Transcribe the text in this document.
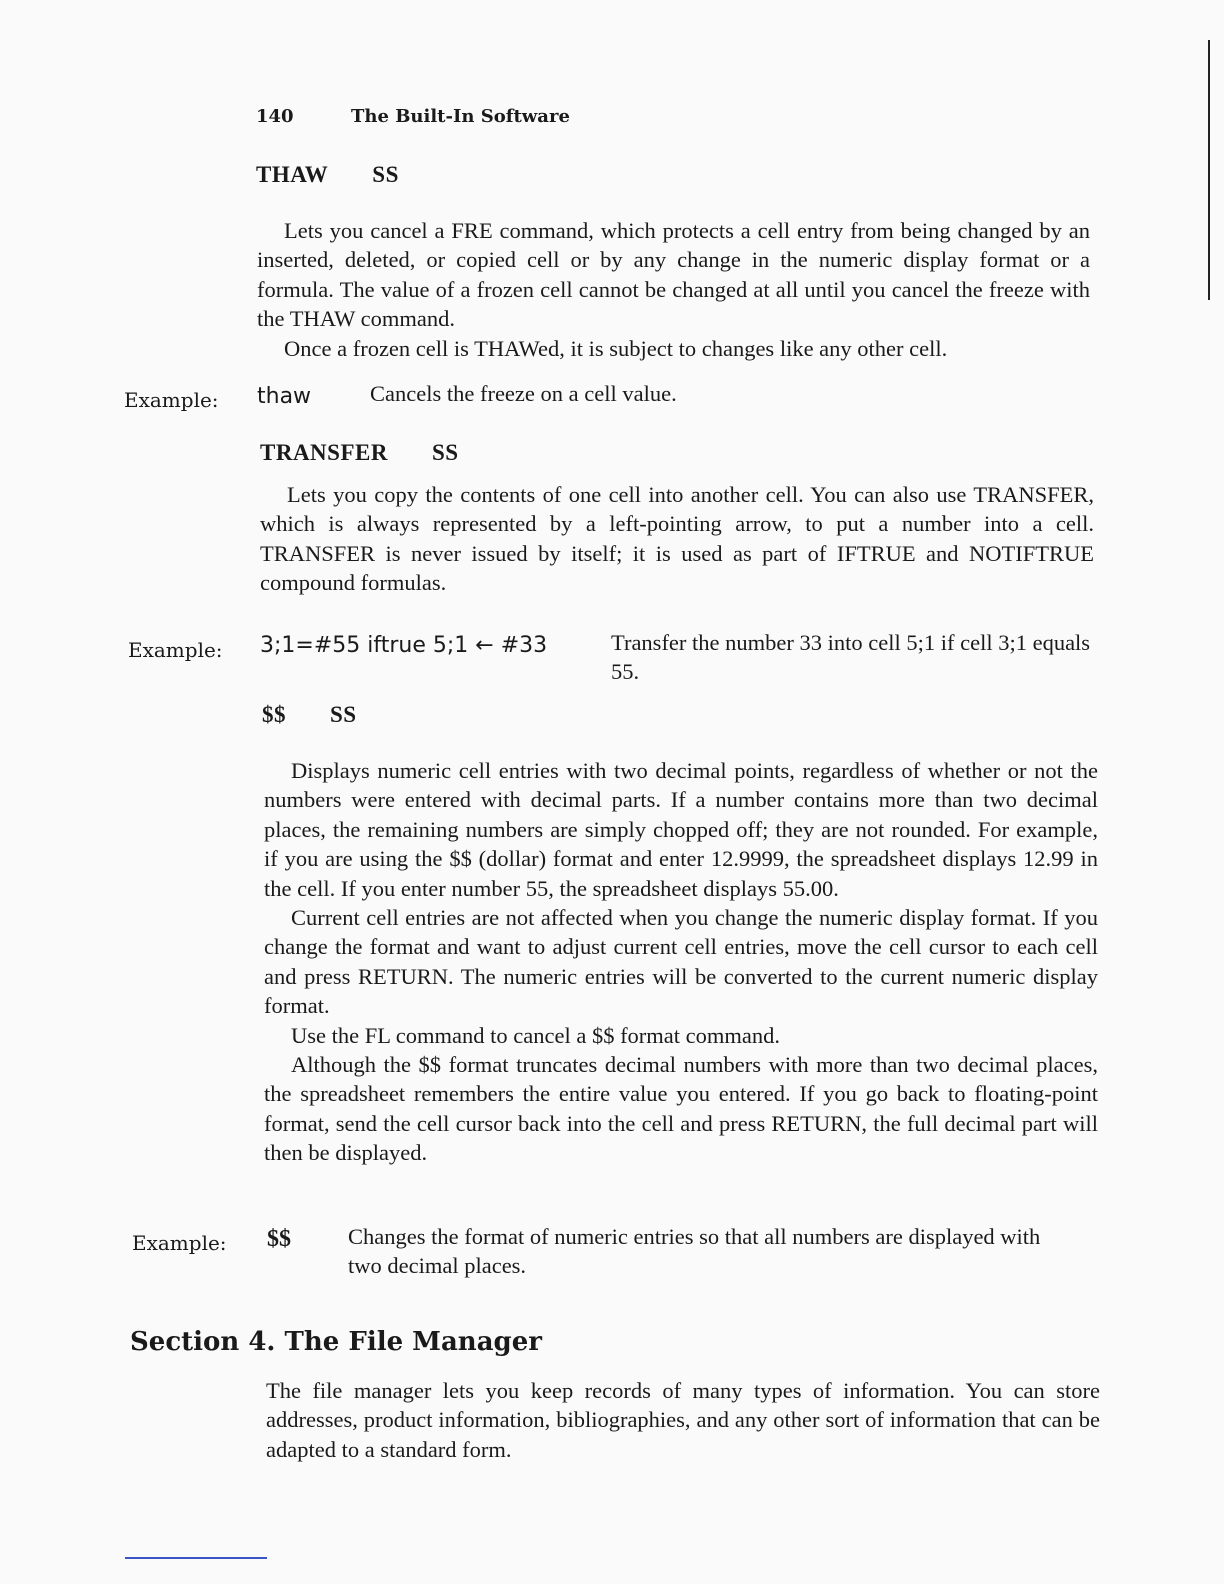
140	The Built-In Software
THAW SS

Lets you cancel a FRE command, which protects a cell entry from being changed by an inserted, deleted, or copied cell or by any change in the numeric display format or a formula. The value of a frozen cell cannot be changed at all until you cancel the freeze with the THAW command.

Once a frozen cell is THAWed, it is subject to changes like any other cell.

Example: thaw	Cancels the freeze on a cell value.
TRANSFER SS

Lets you copy the contents of one cell into another cell. You can also use TRANSFER, which is always represented by a left-pointing arrow, to put a number into a cell. TRANSFER is never issued by itself; it is used as part of IFTRUE and NOTIFTRUE compound formulas.

Example: 3;1=#55 iftrue 5;1 ← #33	Transfer the number 33 into cell 5;1 if cell 3;1 equals 55.
$$ SS

Displays numeric cell entries with two decimal points, regardless of whether or not the numbers were entered with decimal parts. If a number contains more than two decimal places, the remaining numbers are simply chopped off; they are not rounded. For example, if you are using the $$ (dollar) format and enter 12.9999, the spreadsheet displays 12.99 in the cell. If you enter number 55, the spreadsheet displays 55.00.

Current cell entries are not affected when you change the numeric display format. If you change the format and want to adjust current cell entries, move the cell cursor to each cell and press RETURN. The numeric entries will be converted to the current numeric display format.

Use the FL command to cancel a $$ format command.

Although the $$ format truncates decimal numbers with more than two decimal places, the spreadsheet remembers the entire value you entered. If you go back to floating-point format, send the cell cursor back into the cell and press RETURN, the full decimal part will then be displayed.

Example: $$	Changes the format of numeric entries so that all numbers are displayed with two decimal places.
Section 4. The File Manager

The file manager lets you keep records of many types of information. You can store addresses, product information, bibliographies, and any other sort of information that can be adapted to a standard form.
